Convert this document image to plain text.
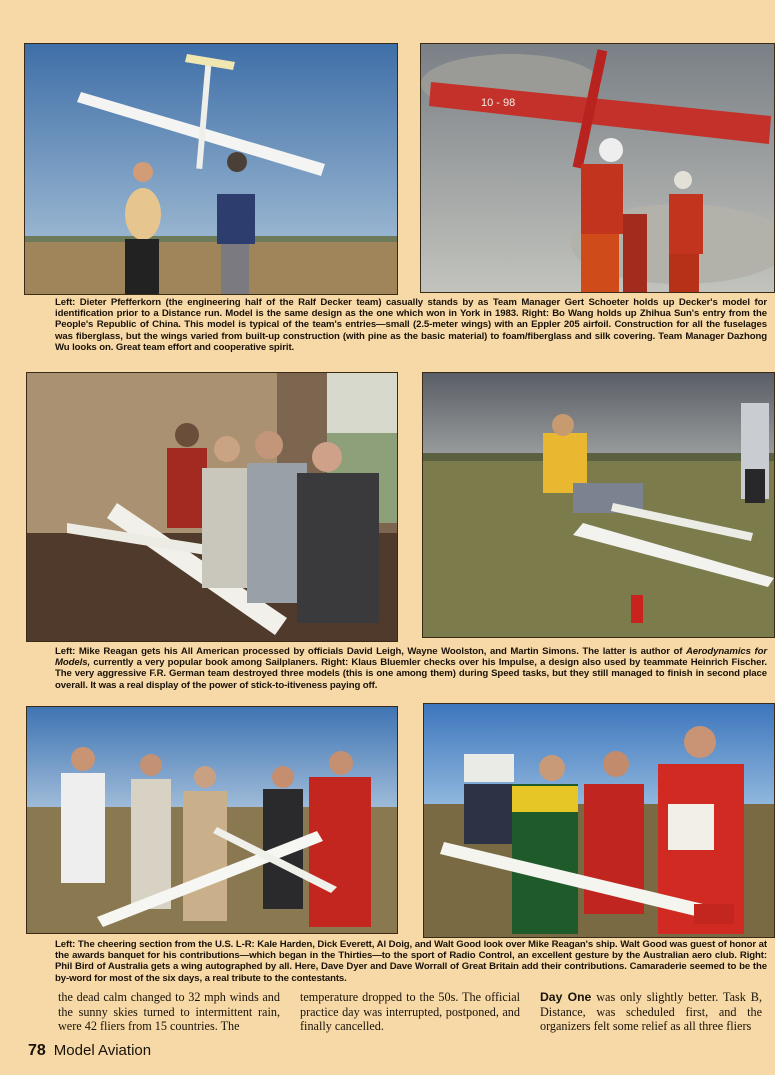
10 - 98

Left: Dieter Pfefferkorn (the engineering half of the Ralf Decker team) casually stands by as Team Manager Gert Schoeter holds up Decker's model for identification prior to a Distance run. Model is the same design as the one which won in York in 1983. Right: Bo Wang holds up Zhihua Sun's entry from the People's Republic of China. This model is typical of the team's entries—small (2.5-meter wings) with an Eppler 205 airfoil. Construction for all the fuselages was fiberglass, but the wings varied from built-up construction (with pine as the basic material) to foam/fiberglass and silk covering. Team Manager Dazhong Wu looks on. Great team effort and cooperative spirit.

Left: Mike Reagan gets his All American processed by officials David Leigh, Wayne Woolston, and Martin Simons. The latter is author of Aerodynamics for Models, currently a very popular book among Sailplaners. Right: Klaus Bluemler checks over his Impulse, a design also used by teammate Heinrich Fischer. The very aggressive F.R. German team destroyed three models (this is one among them) during Speed tasks, but they still managed to finish in second place overall. It was a real display of the power of stick-to-itiveness paying off.

Left: The cheering section from the U.S. L-R: Kale Harden, Dick Everett, Al Doig, and Walt Good look over Mike Reagan's ship. Walt Good was guest of honor at the awards banquet for his contributions—which began in the Thirties—to the sport of Radio Control, an excellent gesture by the Australian aero club. Right: Phil Bird of Australia gets a wing autographed by all. Here, Dave Dyer and Dave Worrall of Great Britain add their contributions. Camaraderie seemed to be the by-word for most of the six days, a real tribute to the contestants.

the dead calm changed to 32 mph winds and the sunny skies turned to intermittent rain, were 42 fliers from 15 countries. The

temperature dropped to the 50s. The official practice day was interrupted, postponed, and finally cancelled.

Day One was only slightly better. Task B, Distance, was scheduled first, and the organizers felt some relief as all three fliers

78 Model Aviation
